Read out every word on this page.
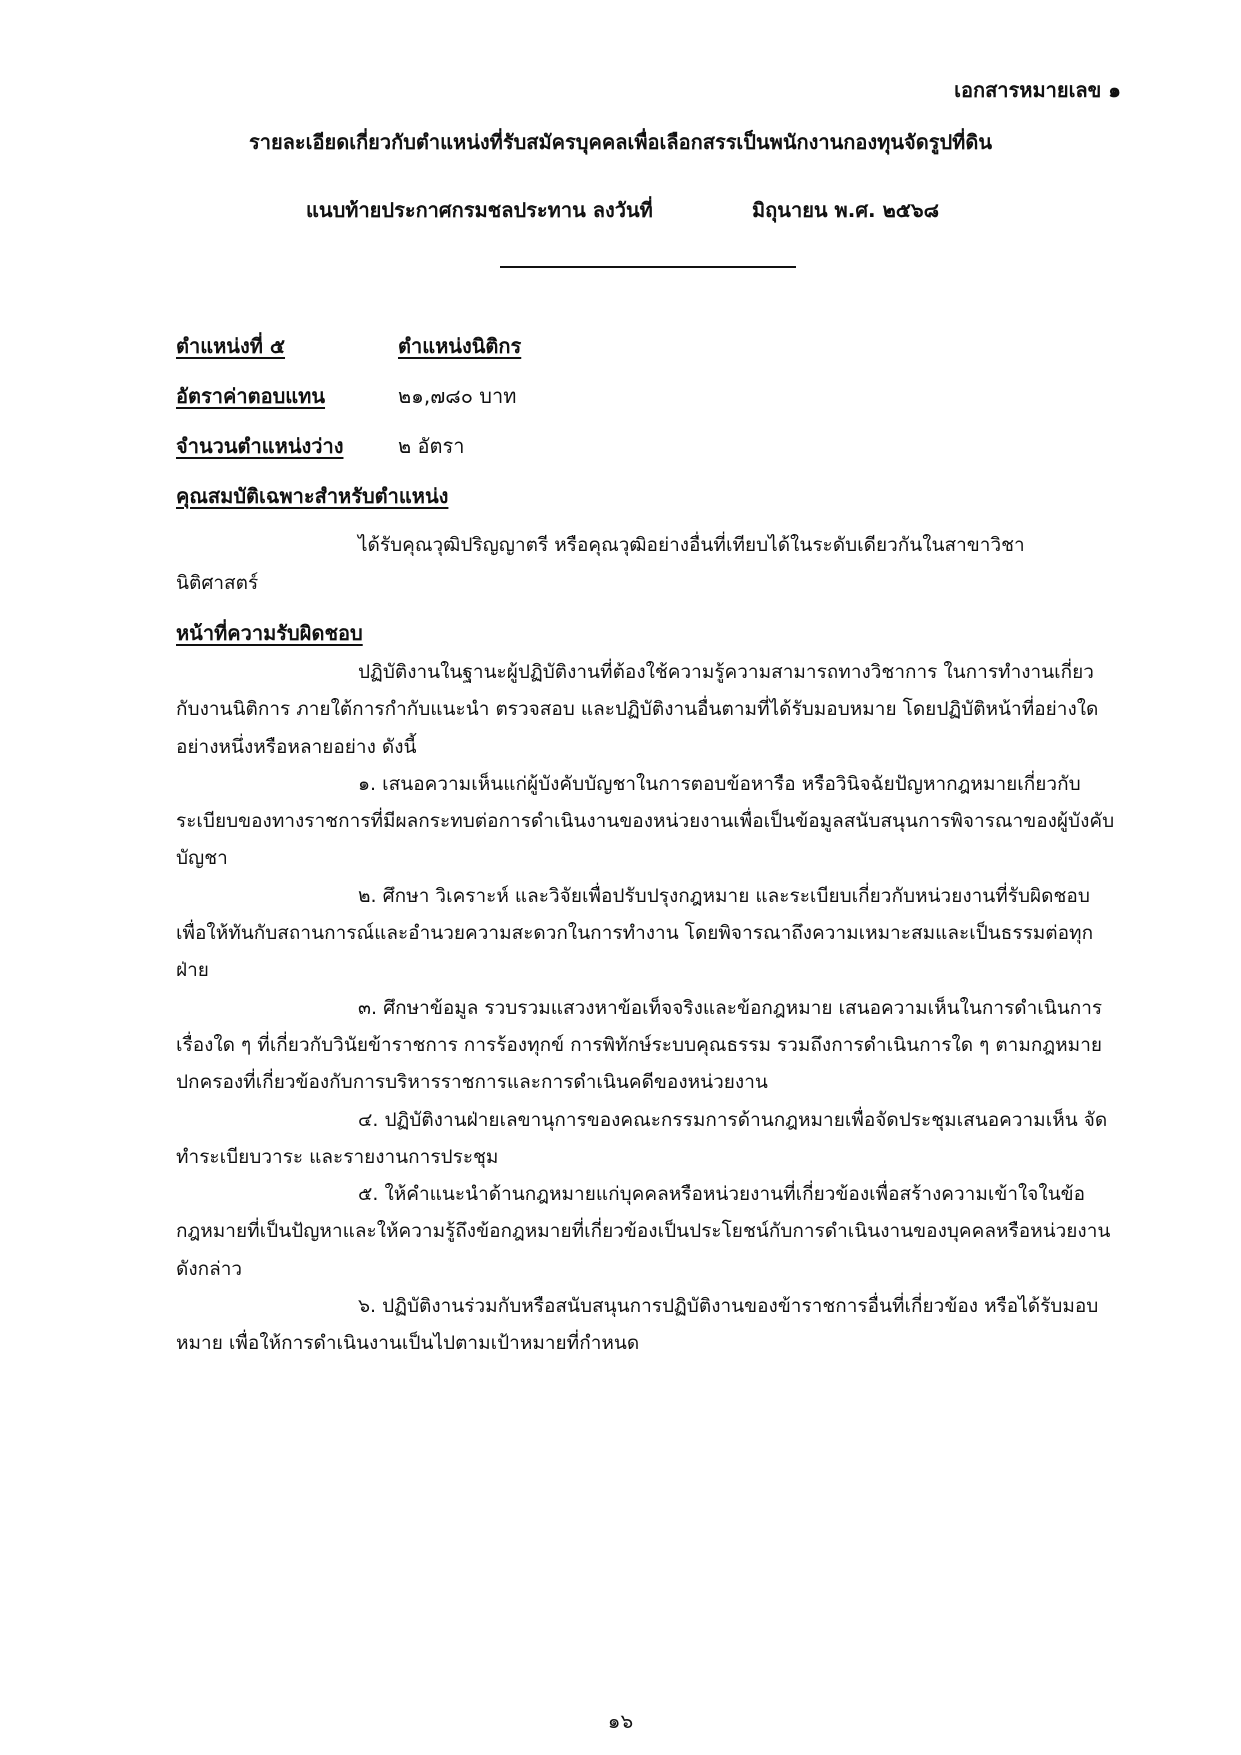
เอกสารหมายเลข ๑
รายละเอียดเกี่ยวกับตำแหน่งที่รับสมัครบุคคลเพื่อเลือกสรรเป็นพนักงานกองทุนจัดรูปที่ดิน
แนบท้ายประกาศกรมชลประทาน ลงวันที่	มิถุนายน พ.ศ. ๒๕๖๘
ตำแหน่งที่ ๕	ตำแหน่งนิติกร
อัตราค่าตอบแทน	๒๑,๗๘๐ บาท
จำนวนตำแหน่งว่าง	๒ อัตรา
คุณสมบัติเฉพาะสำหรับตำแหน่ง
ได้รับคุณวุฒิปริญญาตรี หรือคุณวุฒิอย่างอื่นที่เทียบได้ในระดับเดียวกันในสาขาวิชา
นิติศาสตร์
หน้าที่ความรับผิดชอบ

ปฏิบัติงานในฐานะผู้ปฏิบัติงานที่ต้องใช้ความรู้ความสามารถทางวิชาการ ในการทำงานเกี่ยวกับงานนิติการ ภายใต้การกำกับแนะนำ ตรวจสอบ และปฏิบัติงานอื่นตามที่ได้รับมอบหมาย โดยปฏิบัติหน้าที่อย่างใดอย่างหนึ่งหรือหลายอย่าง ดังนี้

๑. เสนอความเห็นแก่ผู้บังคับบัญชาในการตอบข้อหารือ หรือวินิจฉัยปัญหากฎหมายเกี่ยวกับระเบียบของทางราชการที่มีผลกระทบต่อการดำเนินงานของหน่วยงานเพื่อเป็นข้อมูลสนับสนุนการพิจารณาของผู้บังคับบัญชา

๒. ศึกษา วิเคราะห์ และวิจัยเพื่อปรับปรุงกฎหมาย และระเบียบเกี่ยวกับหน่วยงานที่รับผิดชอบเพื่อให้ทันกับสถานการณ์และอำนวยความสะดวกในการทำงาน โดยพิจารณาถึงความเหมาะสมและเป็นธรรมต่อทุกฝ่าย

๓. ศึกษาข้อมูล รวบรวมแสวงหาข้อเท็จจริงและข้อกฎหมาย เสนอความเห็นในการดำเนินการเรื่องใด ๆ ที่เกี่ยวกับวินัยข้าราชการ การร้องทุกข์ การพิทักษ์ระบบคุณธรรม รวมถึงการดำเนินการใด ๆ ตามกฎหมายปกครองที่เกี่ยวข้องกับการบริหารราชการและการดำเนินคดีของหน่วยงาน

๔. ปฏิบัติงานฝ่ายเลขานุการของคณะกรรมการด้านกฎหมายเพื่อจัดประชุมเสนอความเห็น จัดทำระเบียบวาระ และรายงานการประชุม

๕. ให้คำแนะนำด้านกฎหมายแก่บุคคลหรือหน่วยงานที่เกี่ยวข้องเพื่อสร้างความเข้าใจในข้อกฎหมายที่เป็นปัญหาและให้ความรู้ถึงข้อกฎหมายที่เกี่ยวข้องเป็นประโยชน์กับการดำเนินงานของบุคคลหรือหน่วยงานดังกล่าว

๖. ปฏิบัติงานร่วมกับหรือสนับสนุนการปฏิบัติงานของข้าราชการอื่นที่เกี่ยวข้อง หรือได้รับมอบหมาย เพื่อให้การดำเนินงานเป็นไปตามเป้าหมายที่กำหนด

๑๖
